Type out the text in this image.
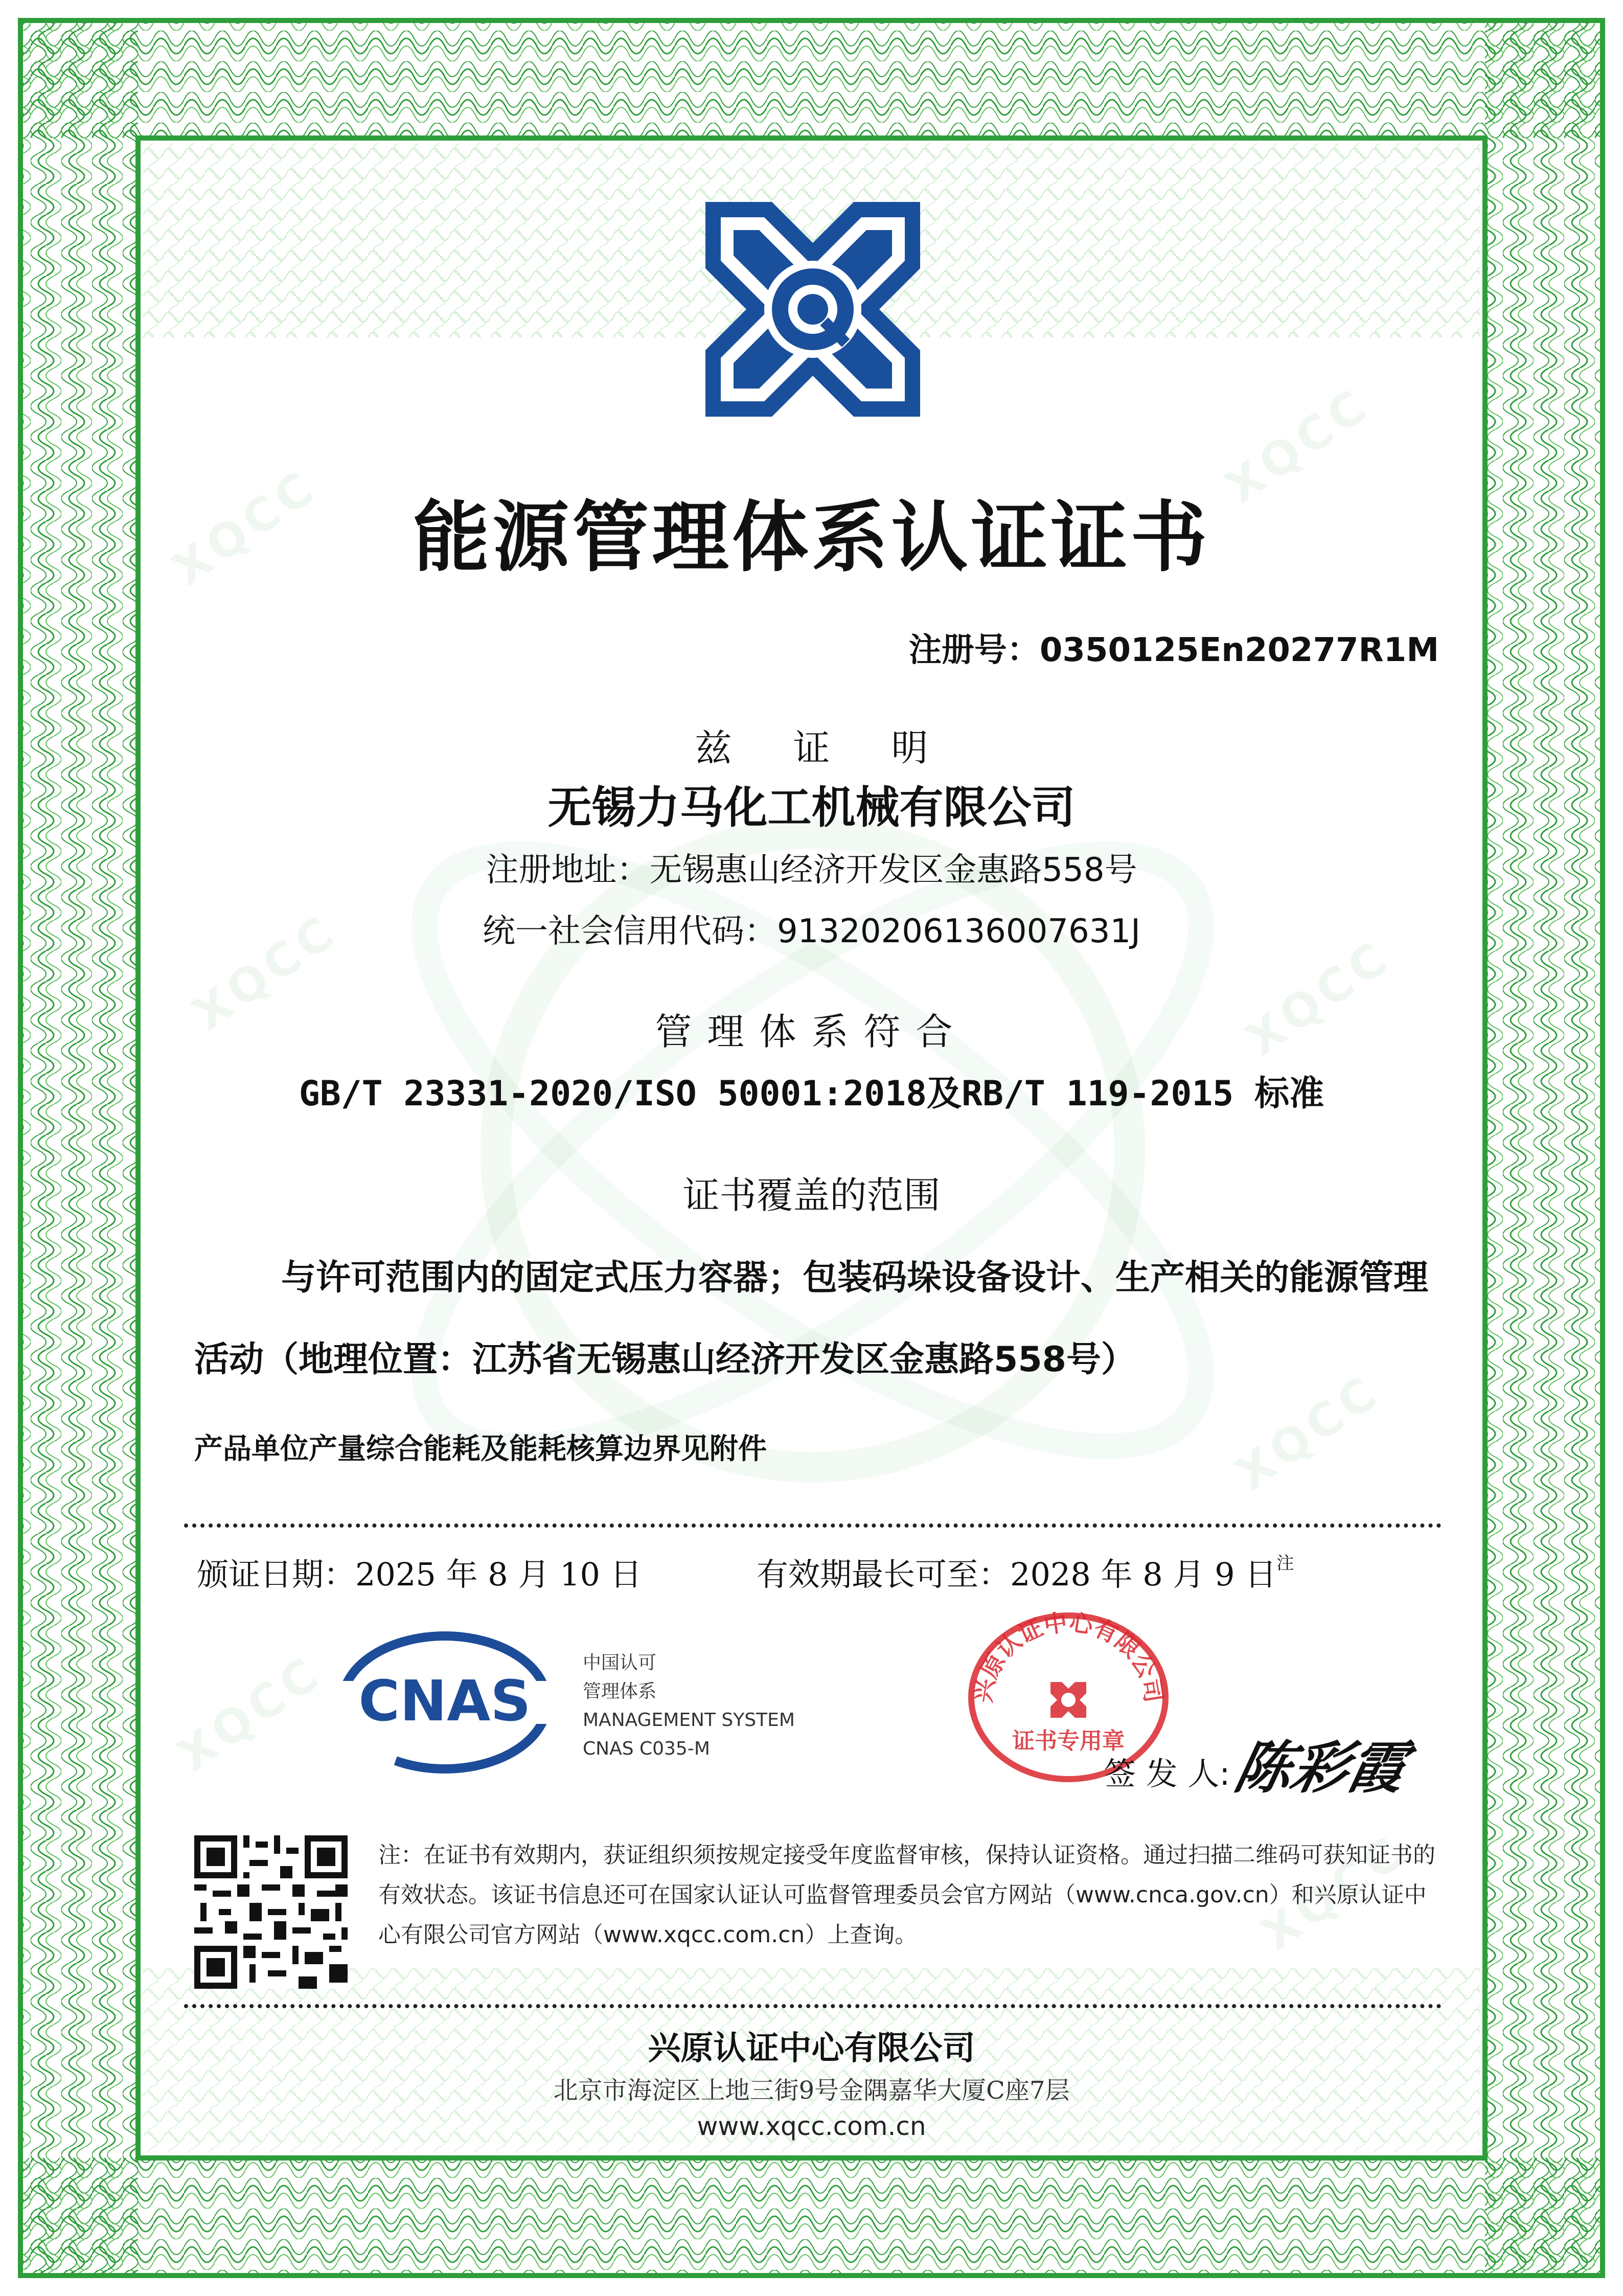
XQCC
XQCC
XQCC	XQCC
XQCC
XQCC
XQCC
能源管理体系认证证书
注册号：0350125En20277R1M
兹证明
无锡力马化工机械有限公司
注册地址：无锡惠山经济开发区金惠路558号
统一社会信用代码：91320206136007631J
管理体系符合
GB/T 23331-2020/ISO 50001:2018及RB/T 119-2015 标准
证书覆盖的范围
与许可范围内的固定式压力容器；包装码垛设备设计、生产相关的能源管理活动（地理位置：江苏省无锡惠山经济开发区金惠路558号）
产品单位产量综合能耗及能耗核算边界见附件
颁证日期：2025 年 8 月 10 日	有效期最长可至：2028 年 8 月 9 日$^注$
CNAS
中国认可
管理体系
MANAGEMENT SYSTEM
CNAS C035-M
兴原认证中心有限公司
证书专用章
签 发 人:
陈彩霞
注：在证书有效期内，获证组织须按规定接受年度监督审核，保持认证资格。通过扫描二维码可获知证书的有效状态。该证书信息还可在国家认证认可监督管理委员会官方网站（www.cnca.gov.cn）和兴原认证中心有限公司官方网站（www.xqcc.com.cn）上查询。
兴原认证中心有限公司
北京市海淀区上地三街9号金隅嘉华大厦C座7层
www.xqcc.com.cn
